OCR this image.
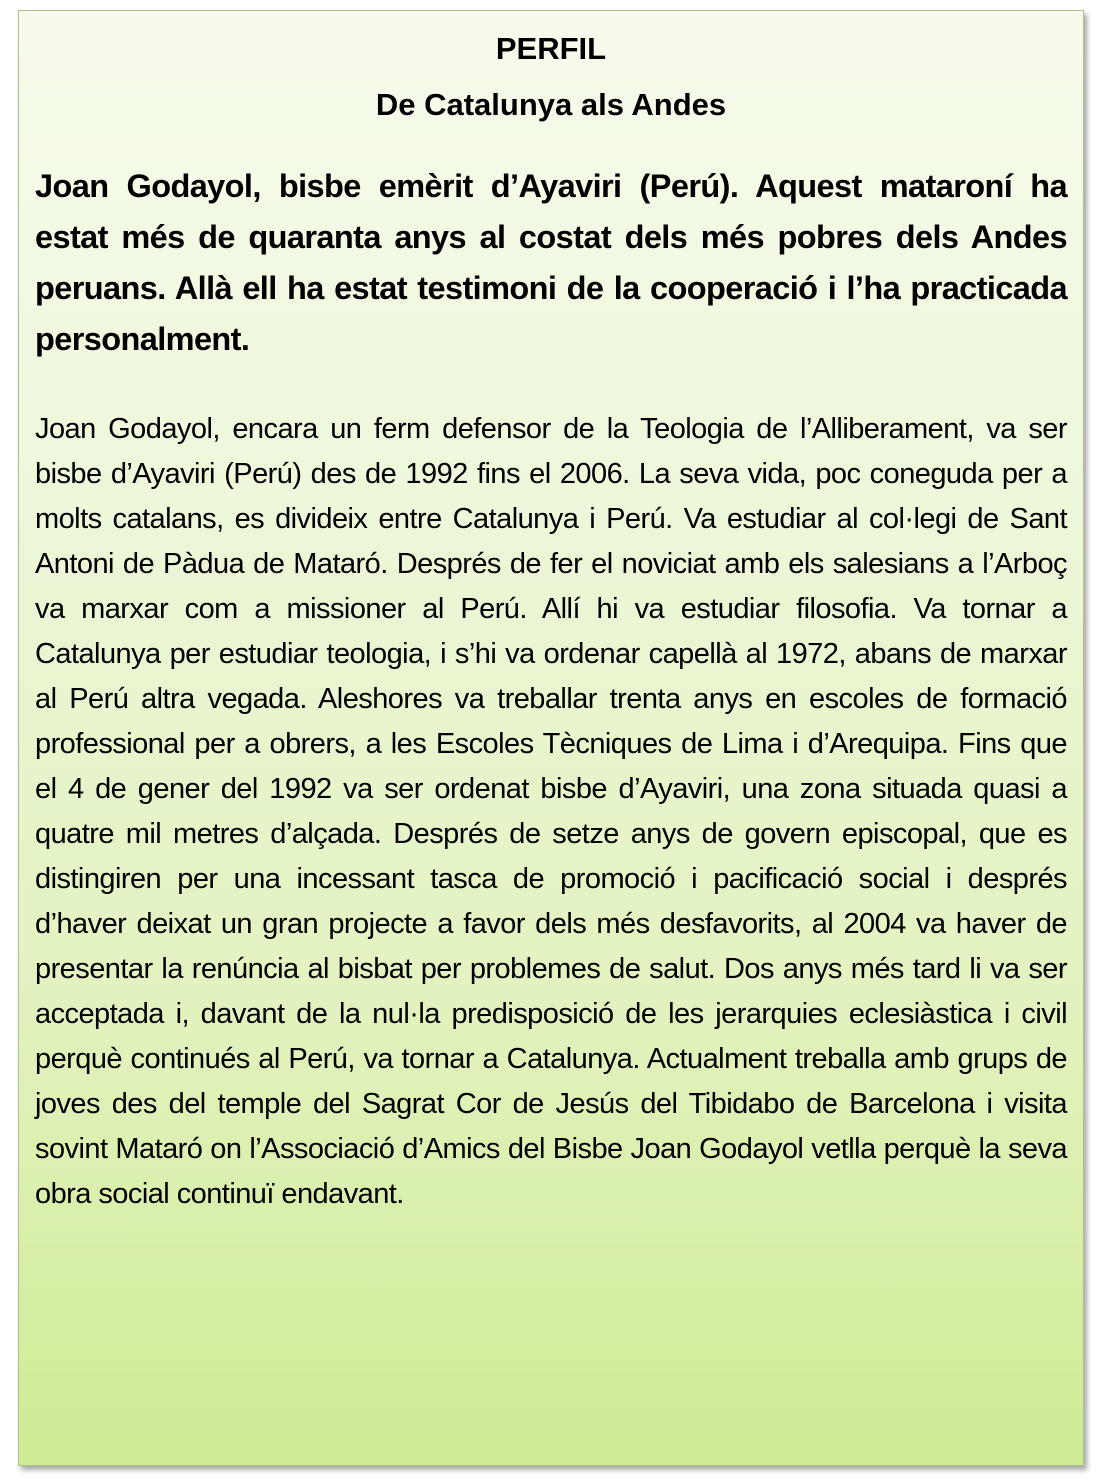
PERFIL
De Catalunya als Andes

Joan Godayol, bisbe emèrit d’Ayaviri (Perú). Aquest mataroní ha estat més de quaranta anys al costat dels més pobres dels Andes peruans. Allà ell ha estat testimoni de la cooperació i l’ha practicada personalment.

Joan Godayol, encara un ferm defensor de la Teologia de l’Alliberament, va ser bisbe d’Ayaviri (Perú) des de 1992 fins el 2006. La seva vida, poc coneguda per a molts catalans, es divideix entre Catalunya i Perú. Va estudiar al col·legi de Sant Antoni de Pàdua de Mataró. Després de fer el noviciat amb els salesians a l’Arboç va marxar com a missioner al Perú. Allí hi va estudiar filosofia. Va tornar a Catalunya per estudiar teologia, i s’hi va ordenar capellà al 1972, abans de marxar al Perú altra vegada. Aleshores va treballar trenta anys en escoles de formació professional per a obrers, a les Escoles Tècniques de Lima i d’Arequipa. Fins que el 4 de gener del 1992 va ser ordenat bisbe d’Ayaviri, una zona situada quasi a quatre mil metres d’alçada. Després de setze anys de govern episcopal, que es distingiren per una incessant tasca de promoció i pacificació social i després d’haver deixat un gran projecte a favor dels més desfavorits, al 2004 va haver de presentar la renúncia al bisbat per problemes de salut. Dos anys més tard li va ser acceptada i, davant de la nul·la predisposició de les jerarquies eclesiàstica i civil perquè continués al Perú, va tornar a Catalunya. Actualment treballa amb grups de joves des del temple del Sagrat Cor de Jesús del Tibidabo de Barcelona i visita sovint Mataró on l’Associació d’Amics del Bisbe Joan Godayol vetlla perquè la seva obra social continuï endavant.
